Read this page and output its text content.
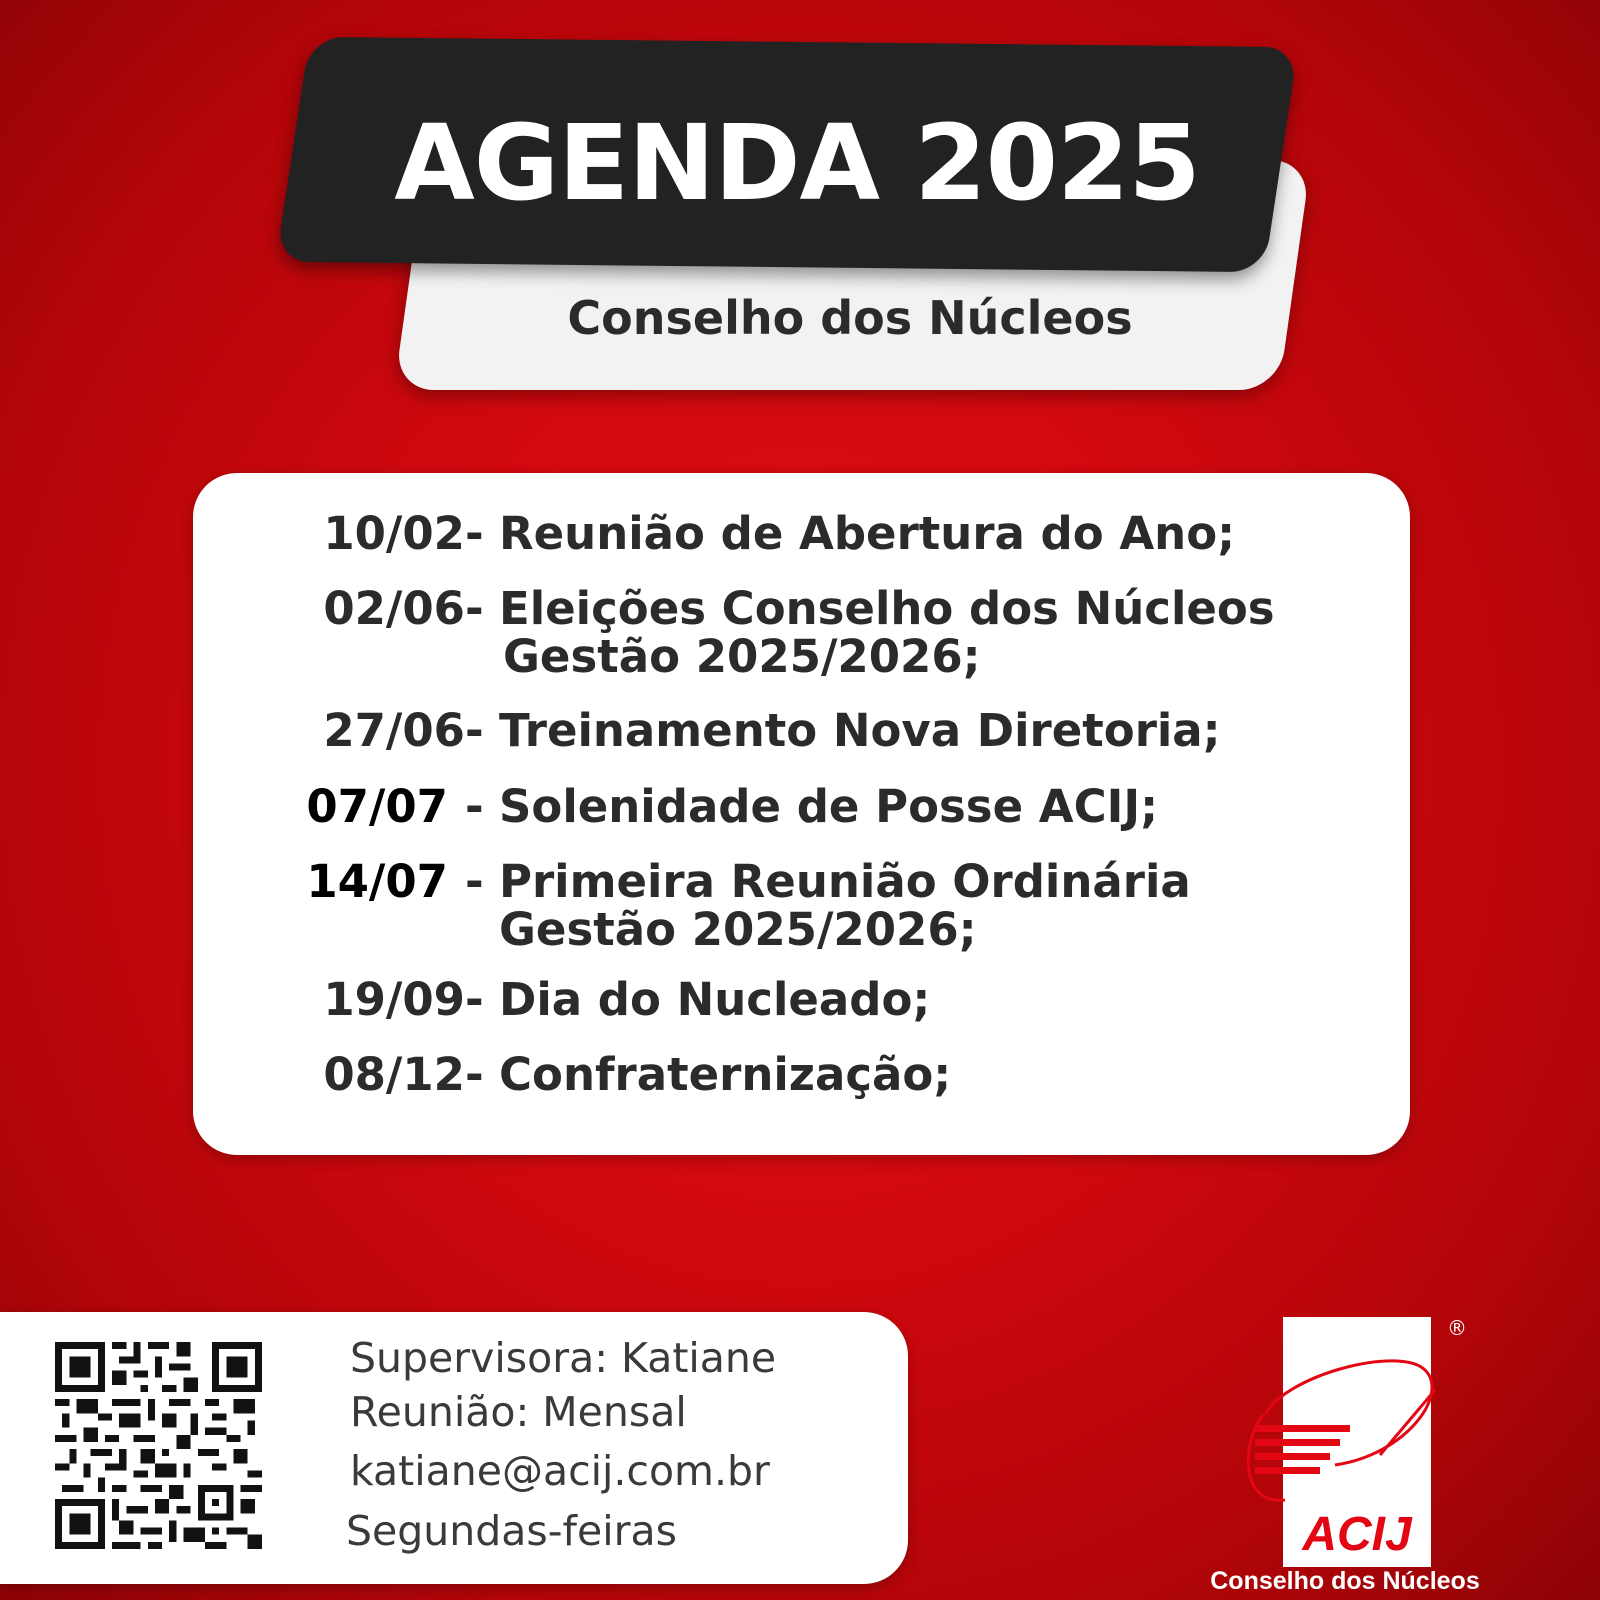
AGENDA 2025
Conselho dos Núcleos
10/02 - Reunião de Abertura do Ano;
02/06 - Eleições Conselho dos Núcleos
Gestão 2025/2026;
27/06 - Treinamento Nova Diretoria;
07/07 - Solenidade de Posse ACIJ;
14/07 - Primeira Reunião Ordinária
Gestão 2025/2026;
19/09 - Dia do Nucleado;
08/12 - Confraternização;

Supervisora: Katiane

Reunião: Mensal

katiane@acij.com.br

Segundas-feiras

®
ACIJ

Conselho dos Núcleos
